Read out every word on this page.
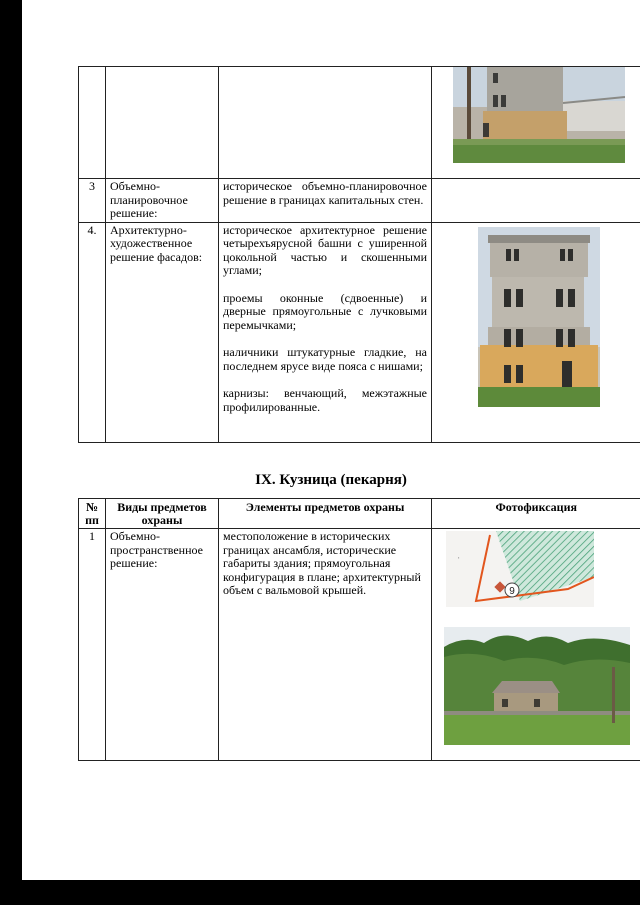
3	Объемно-планировочное решение:	историческое объемно-планировочное решение в границах капитальных стен.	

4.	Архитектурно-художественное решение фасадов:	историческое архитектурное решение четырехъярусной башни с уширенной цокольной частью и скошенными углами;

проемы оконные (сдвоенные) и дверные прямоугольные с лучковыми перемычками;

наличники штукатурные гладкие, на последнем ярусе виде пояса с нишами;

карнизы: венчающий, межэтажные профилированные.

IX. Кузница (пекарня)
№ пп	Виды предметов охраны	Элементы предметов охраны	Фотофиксация
1	Объемно-пространственное решение:	местоположение в исторических границах ансамбля, исторические габариты здания; прямоугольная конфигурация в плане; архитектурный объем с вальмовой крышей.	9
▪
